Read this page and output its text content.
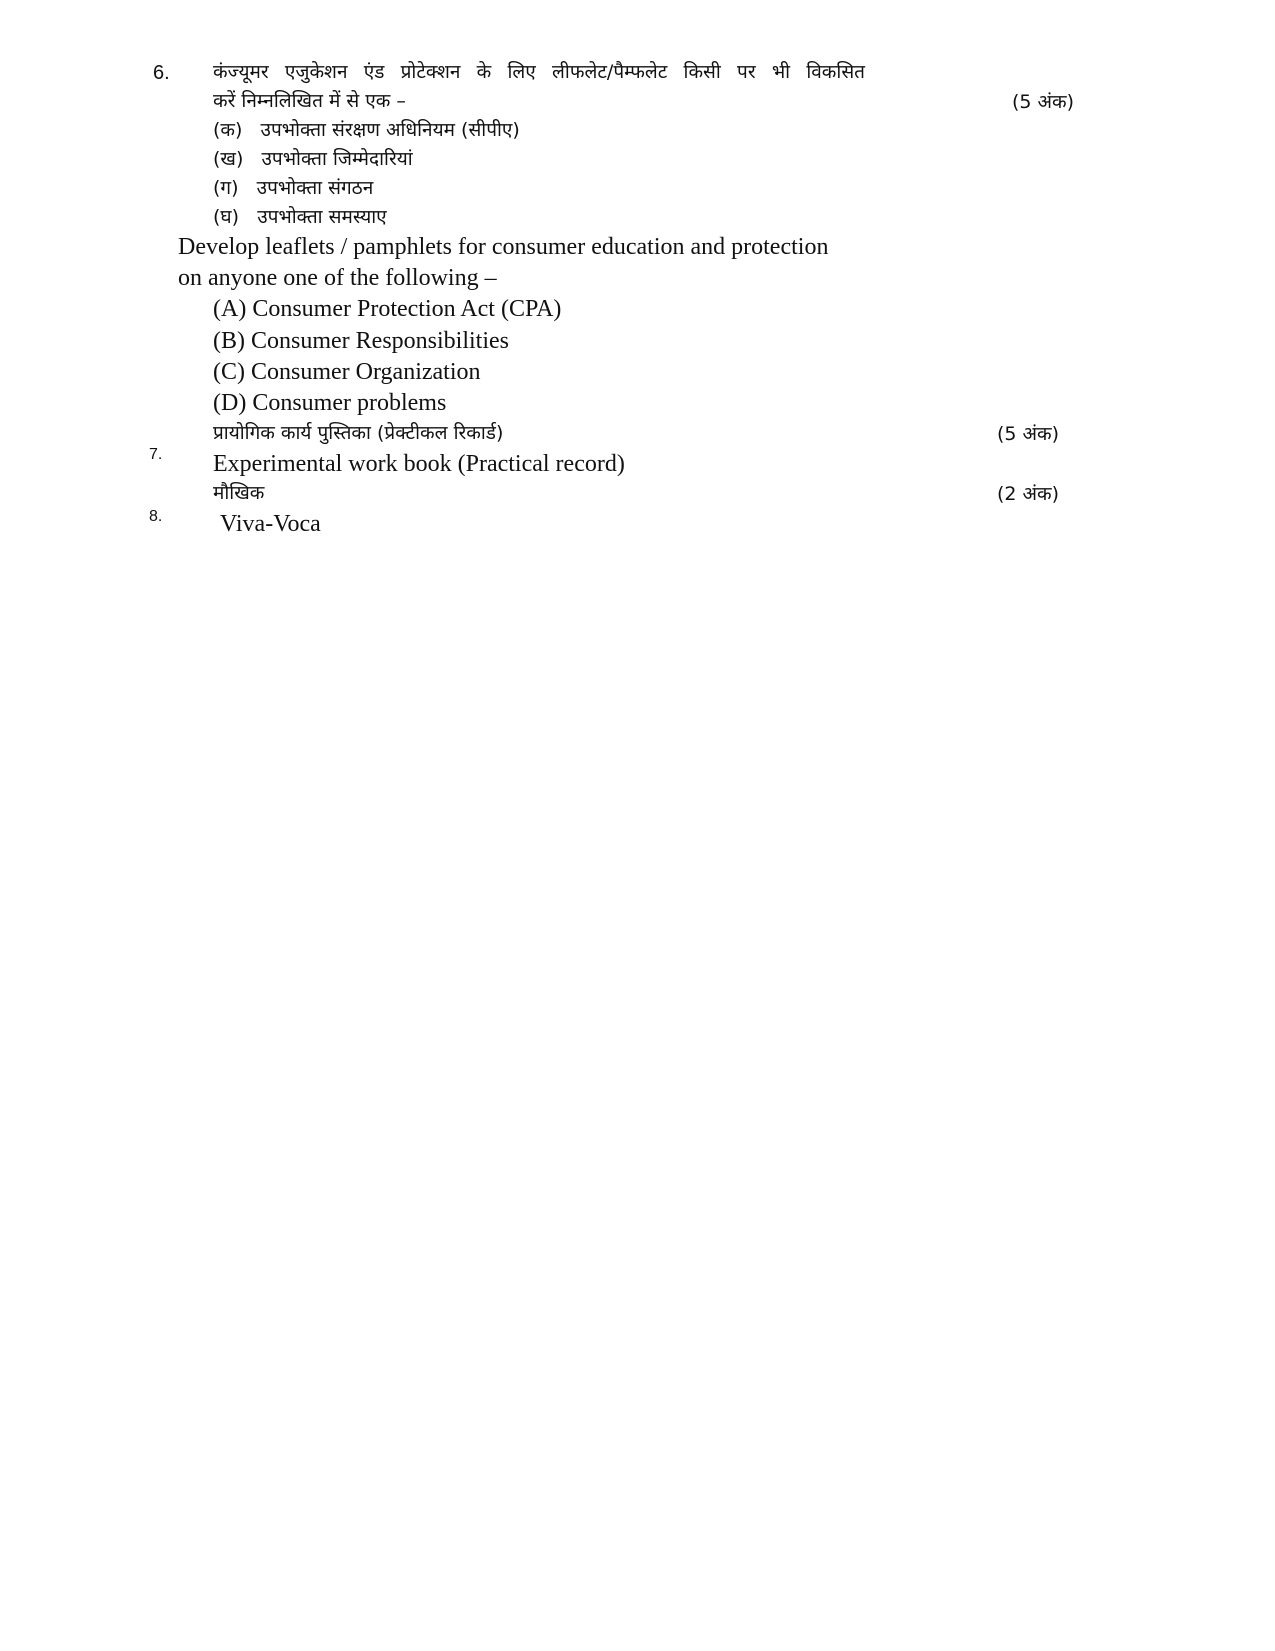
6. कंज्यूमर एजुकेशन एंड प्रोटेक्शन के लिए लीफलेट/पैम्फलेट किसी पर भी विकसित
करें निम्नलिखित में से एक –	(5 अंक)
(क) उपभोक्ता संरक्षण अधिनियम (सीपीए)
(ख) उपभोक्ता जिम्मेदारियां
(ग) उपभोक्ता संगठन
(घ) उपभोक्ता समस्याए
Develop leaflets / pamphlets for consumer education and protection
on anyone one of the following –
(A) Consumer Protection Act (CPA)
(B) Consumer Responsibilities
(C) Consumer Organization
(D) Consumer problems
7.
प्रायोगिक कार्य पुस्तिका (प्रेक्टीकल रिकार्ड)	(5 अंक)
Experimental work book (Practical record)
8.
मौखिक	(2 अंक)
Viva-Voca
